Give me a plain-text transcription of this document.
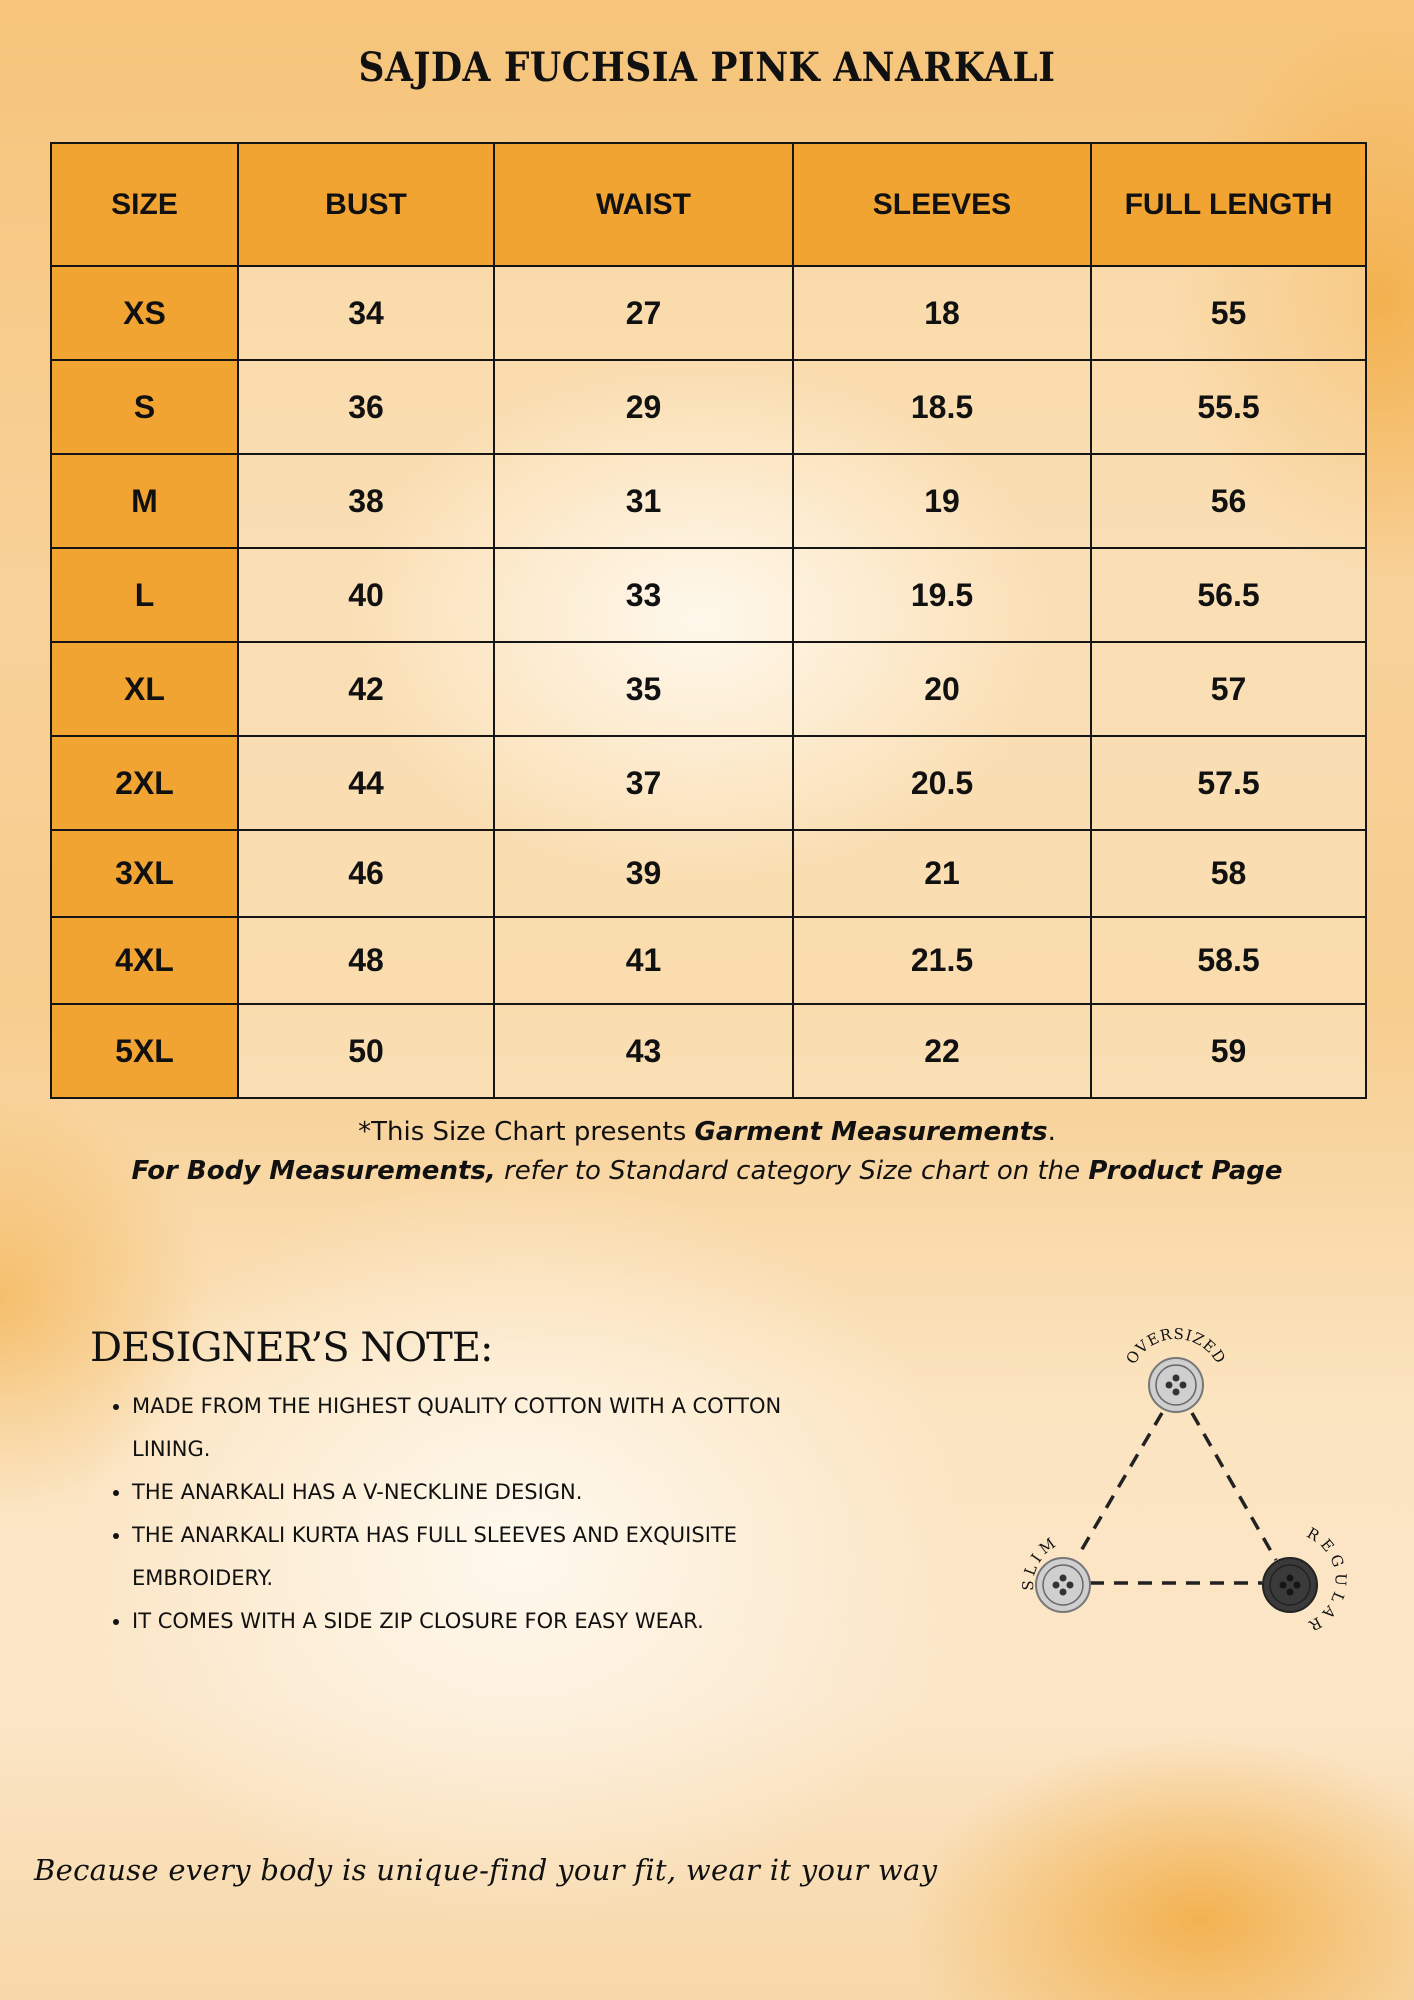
SAJDA FUCHSIA PINK ANARKALI
SIZE	BUST	WAIST	SLEEVES	FULL LENGTH
XS	34	27	18	55
S	36	29	18.5	55.5
M	38	31	19	56
L	40	33	19.5	56.5
XL	42	35	20	57
2XL	44	37	20.5	57.5
3XL	46	39	21	58
4XL	48	41	21.5	58.5
5XL	50	43	22	59
*This Size Chart presents Garment Measurements.
For Body Measurements, refer to Standard category Size chart on the Product Page
DESIGNER’S NOTE:
• MADE FROM THE HIGHEST QUALITY COTTON WITH A COTTON LINING.
• THE ANARKALI HAS A V-NECKLINE DESIGN.
• THE ANARKALI KURTA HAS FULL SLEEVES AND EXQUISITE EMBROIDERY.
• IT COMES WITH A SIDE ZIP CLOSURE FOR EASY WEAR.
OVERSIZED
SLIM	REGULAR
Because every body is unique-find your fit, wear it your way
